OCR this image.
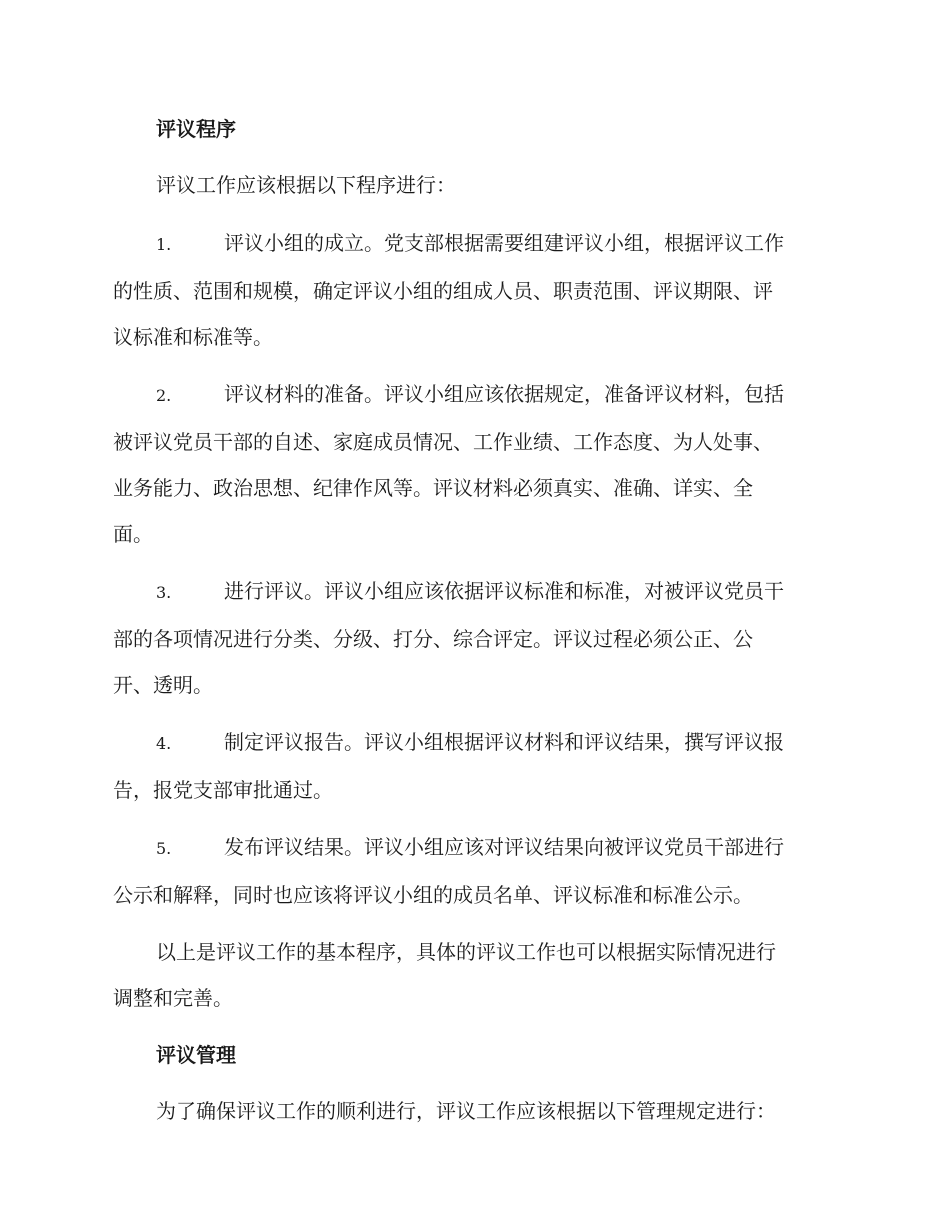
评议程序
评议工作应该根据以下程序进行：
1.	评议小组的成立。党支部根据需要组建评议小组，根据评议工作
的性质、范围和规模，确定评议小组的组成人员、职责范围、评议期限、评
议标准和标准等。
2.	评议材料的准备。评议小组应该依据规定，准备评议材料，包括
被评议党员干部的自述、家庭成员情况、工作业绩、工作态度、为人处事、
业务能力、政治思想、纪律作风等。评议材料必须真实、准确、详实、全
面。
3.	进行评议。评议小组应该依据评议标准和标准，对被评议党员干
部的各项情况进行分类、分级、打分、综合评定。评议过程必须公正、公
开、透明。
4.	制定评议报告。评议小组根据评议材料和评议结果，撰写评议报
告，报党支部审批通过。
5.	发布评议结果。评议小组应该对评议结果向被评议党员干部进行
公示和解释，同时也应该将评议小组的成员名单、评议标准和标准公示。
以上是评议工作的基本程序，具体的评议工作也可以根据实际情况进行
调整和完善。
评议管理
为了确保评议工作的顺利进行，评议工作应该根据以下管理规定进行：
